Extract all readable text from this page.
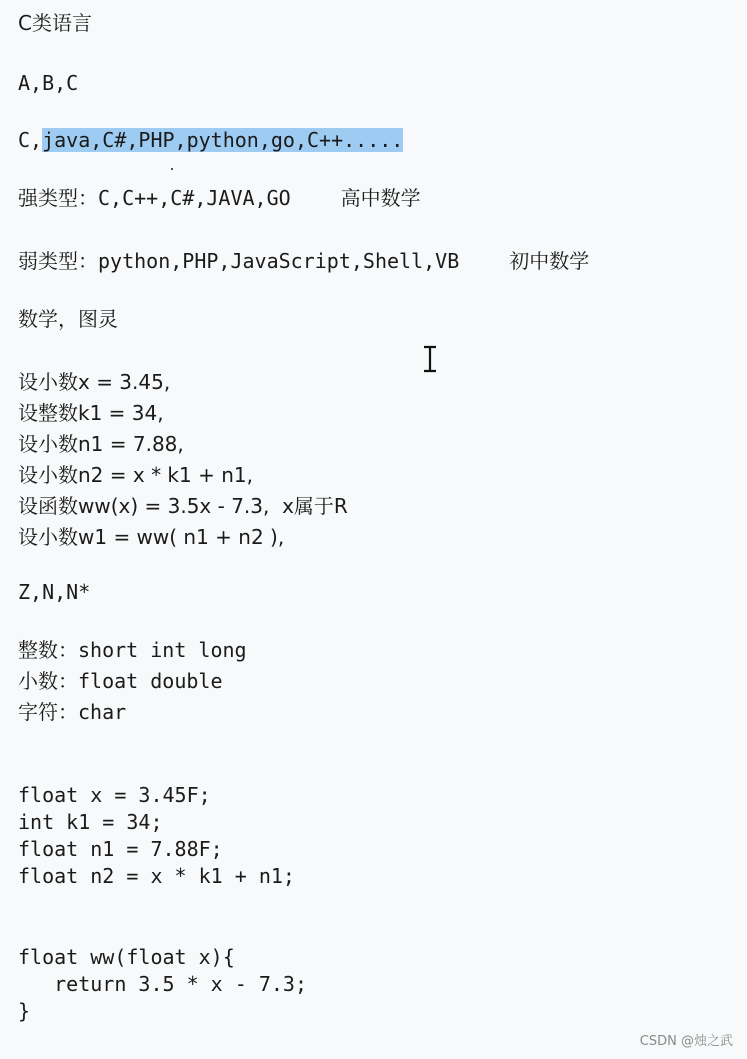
C类语言
A,B,C
C,java,C#,PHP,python,go,C++.....
强类型：C,C++,C#,JAVA,GO	高中数学
弱类型：python,PHP,JavaScript,Shell,VB	初中数学
数学，图灵
设小数x = 3.45,
设整数k1 = 34,
设小数n1 = 7.88,
设小数n2 = x * k1 + n1,
设函数ww(x) = 3.5x - 7.3,  x属于R
设小数w1 = ww( n1 + n2 ),
Z,N,N*
整数：short int long
小数：float double
字符：char
float x = 3.45F;
int k1 = 34;
float n1 = 7.88F;
float n2 = x * k1 + n1;
float ww(float x){
return 3.5 * x - 7.3;
}
CSDN @烛之武
